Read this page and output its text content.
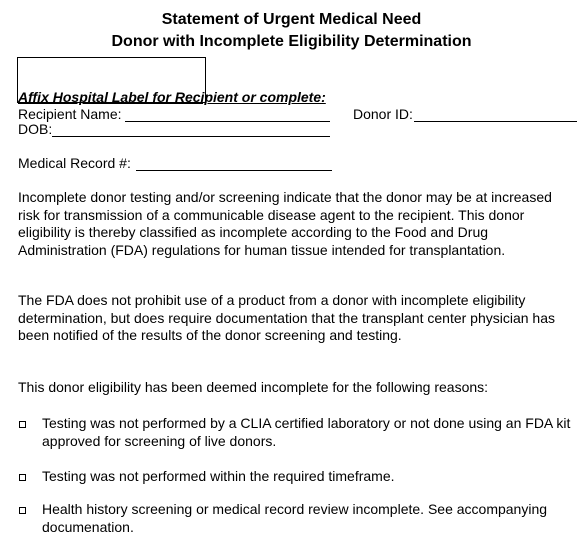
Statement of Urgent Medical Need
Donor with Incomplete Eligibility Determination
Affix Hospital Label for Recipient or complete:
Recipient Name:	Donor ID:
DOB:
Medical Record #:
Incomplete donor testing and/or screening indicate that the donor may be at increased risk for transmission of a communicable disease agent to the recipient. This donor eligibility is thereby classified as incomplete according to the Food and Drug Administration (FDA) regulations for human tissue intended for transplantation.
The FDA does not prohibit use of a product from a donor with incomplete eligibility determination, but does require documentation that the transplant center physician has been notified of the results of the donor screening and testing.
This donor eligibility has been deemed incomplete for the following reasons:
Testing was not performed by a CLIA certified laboratory or not done using an FDA kit approved for screening of live donors.
Testing was not performed within the required timeframe.
Health history screening or medical record review incomplete. See accompanying documenation.
